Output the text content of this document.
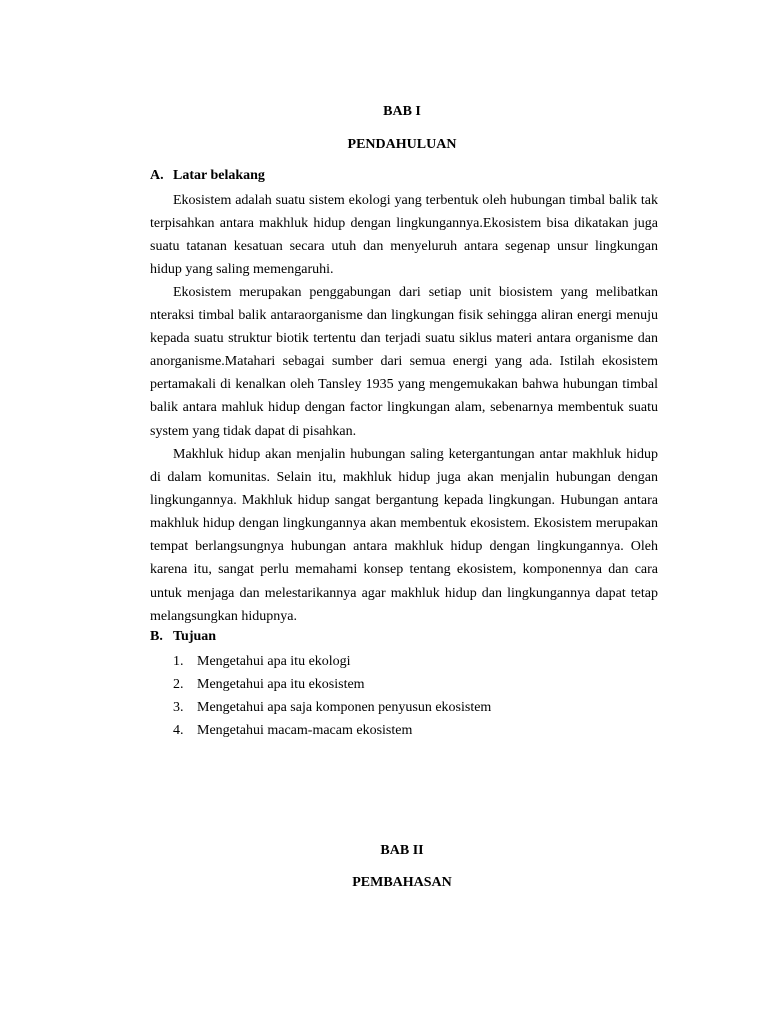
BAB I
PENDAHULUAN
A. Latar belakang

Ekosistem adalah suatu sistem ekologi yang terbentuk oleh hubungan timbal balik tak terpisahkan antara makhluk hidup dengan lingkungannya.Ekosistem bisa dikatakan juga suatu tatanan kesatuan secara utuh dan menyeluruh antara segenap unsur lingkungan hidup yang saling memengaruhi.

Ekosistem merupakan penggabungan dari setiap unit biosistem yang melibatkan nteraksi timbal balik antaraorganisme dan lingkungan fisik sehingga aliran energi menuju kepada suatu struktur biotik tertentu dan terjadi suatu siklus materi antara organisme dan anorganisme.Matahari sebagai sumber dari semua energi yang ada. Istilah ekosistem pertamakali di kenalkan oleh Tansley 1935 yang mengemukakan bahwa hubungan timbal balik antara mahluk hidup dengan factor lingkungan alam, sebenarnya membentuk suatu system yang tidak dapat di pisahkan.

Makhluk hidup akan menjalin hubungan saling ketergantungan antar makhluk hidup di dalam komunitas. Selain itu, makhluk hidup juga akan menjalin hubungan dengan lingkungannya. Makhluk hidup sangat bergantung kepada lingkungan. Hubungan antara makhluk hidup dengan lingkungannya akan membentuk ekosistem. Ekosistem merupakan tempat berlangsungnya hubungan antara makhluk hidup dengan lingkungannya. Oleh karena itu, sangat perlu memahami konsep tentang ekosistem, komponennya dan cara untuk menjaga dan melestarikannya agar makhluk hidup dan lingkungannya dapat tetap melangsungkan hidupnya.

B. Tujuan
1. Mengetahui apa itu ekologi
2. Mengetahui apa itu ekosistem
3. Mengetahui apa saja komponen penyusun ekosistem
4. Mengetahui macam-macam ekosistem
BAB II
PEMBAHASAN
